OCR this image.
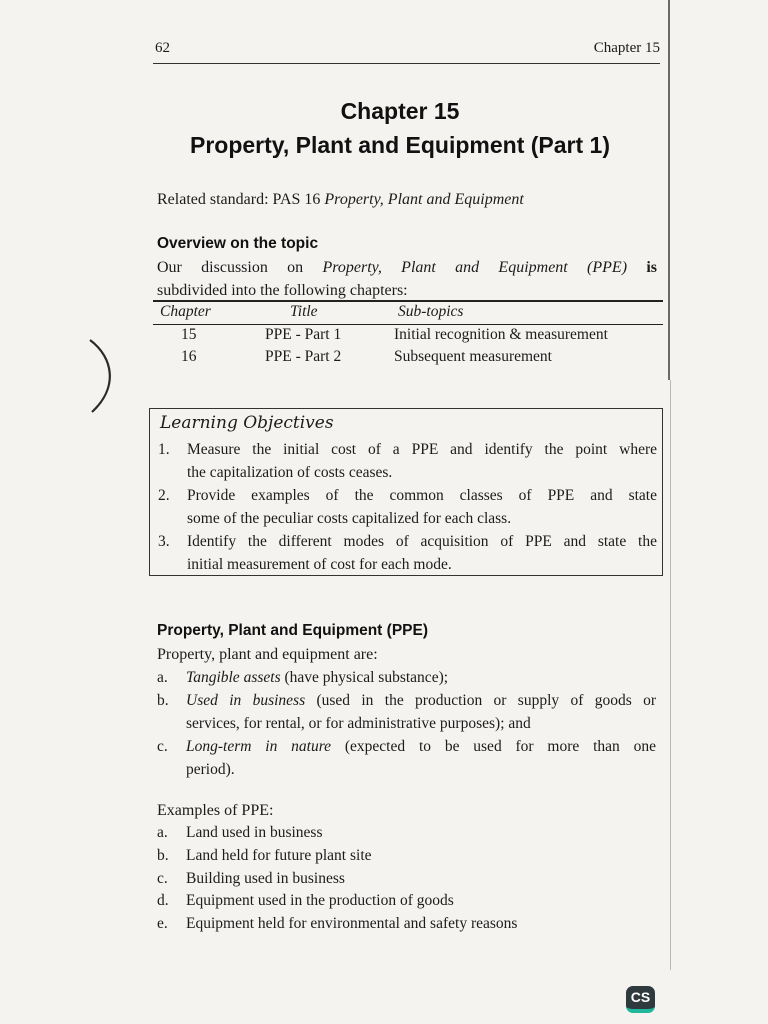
62	Chapter 15
Chapter 15
Property, Plant and Equipment (Part 1)
Related standard: PAS 16 Property, Plant and Equipment
Overview on the topic
Our discussion on Property, Plant and Equipment (PPE) is
subdivided into the following chapters:
Chapter	Title	Sub-topics
15	PPE - Part 1	Initial recognition & measurement
16	PPE - Part 2	Subsequent measurement
Learning Objectives
1. Measure the initial cost of a PPE and identify the point where
the capitalization of costs ceases.
2. Provide examples of the common classes of PPE and state
some of the peculiar costs capitalized for each class.
3. Identify the different modes of acquisition of PPE and state the
initial measurement of cost for each mode.
Property, Plant and Equipment (PPE)
Property, plant and equipment are:
a. Tangible assets (have physical substance);
b. Used in business (used in the production or supply of goods or
services, for rental, or for administrative purposes); and
c. Long-term in nature (expected to be used for more than one
period).
Examples of PPE:
a. Land used in business
b. Land held for future plant site
c. Building used in business
d. Equipment used in the production of goods
e. Equipment held for environmental and safety reasons
CS
